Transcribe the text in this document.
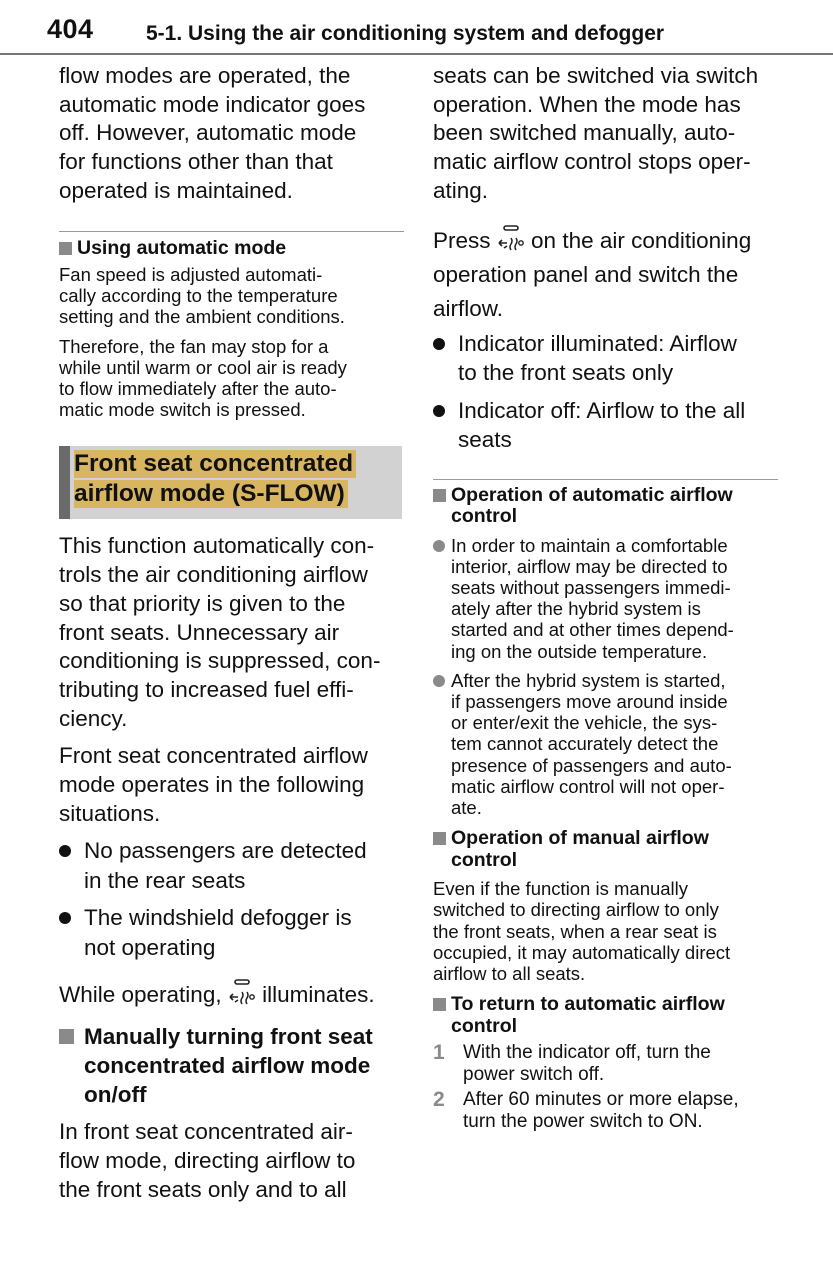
404 5-1. Using the air conditioning system and defogger

flow modes are operated, the
automatic mode indicator goes
off. However, automatic mode
for functions other than that
operated is maintained.

Using automatic mode

Fan speed is adjusted automati-
cally according to the temperature
setting and the ambient conditions.

Therefore, the fan may stop for a
while until warm or cool air is ready
to flow immediately after the auto-
matic mode switch is pressed.

Front seat concentrated
airflow mode (S-FLOW)

This function automatically con-
trols the air conditioning airflow
so that priority is given to the
front seats. Unnecessary air
conditioning is suppressed, con-
tributing to increased fuel effi-
ciency.

Front seat concentrated airflow
mode operates in the following
situations.

No passengers are detected
in the rear seats
The windshield defogger is
not operating

While operating, illuminates.

Manually turning front seat
concentrated airflow mode
on/off

In front seat concentrated air-
flow mode, directing airflow to
the front seats only and to all

seats can be switched via switch
operation. When the mode has
been switched manually, auto-
matic airflow control stops oper-
ating.

Press on the air conditioning
operation panel and switch the
airflow.

Indicator illuminated: Airflow
to the front seats only
Indicator off: Airflow to the all
seats
Operation of automatic airflow
control
In order to maintain a comfortable
interior, airflow may be directed to
seats without passengers immedi-
ately after the hybrid system is
started and at other times depend-
ing on the outside temperature.
After the hybrid system is started,
if passengers move around inside
or enter/exit the vehicle, the sys-
tem cannot accurately detect the
presence of passengers and auto-
matic airflow control will not oper-
ate.
Operation of manual airflow
control

Even if the function is manually
switched to directing airflow to only
the front seats, when a rear seat is
occupied, it may automatically direct
airflow to all seats.

To return to automatic airflow
control
1 With the indicator off, turn the
power switch off.
2 After 60 minutes or more elapse,
turn the power switch to ON.
